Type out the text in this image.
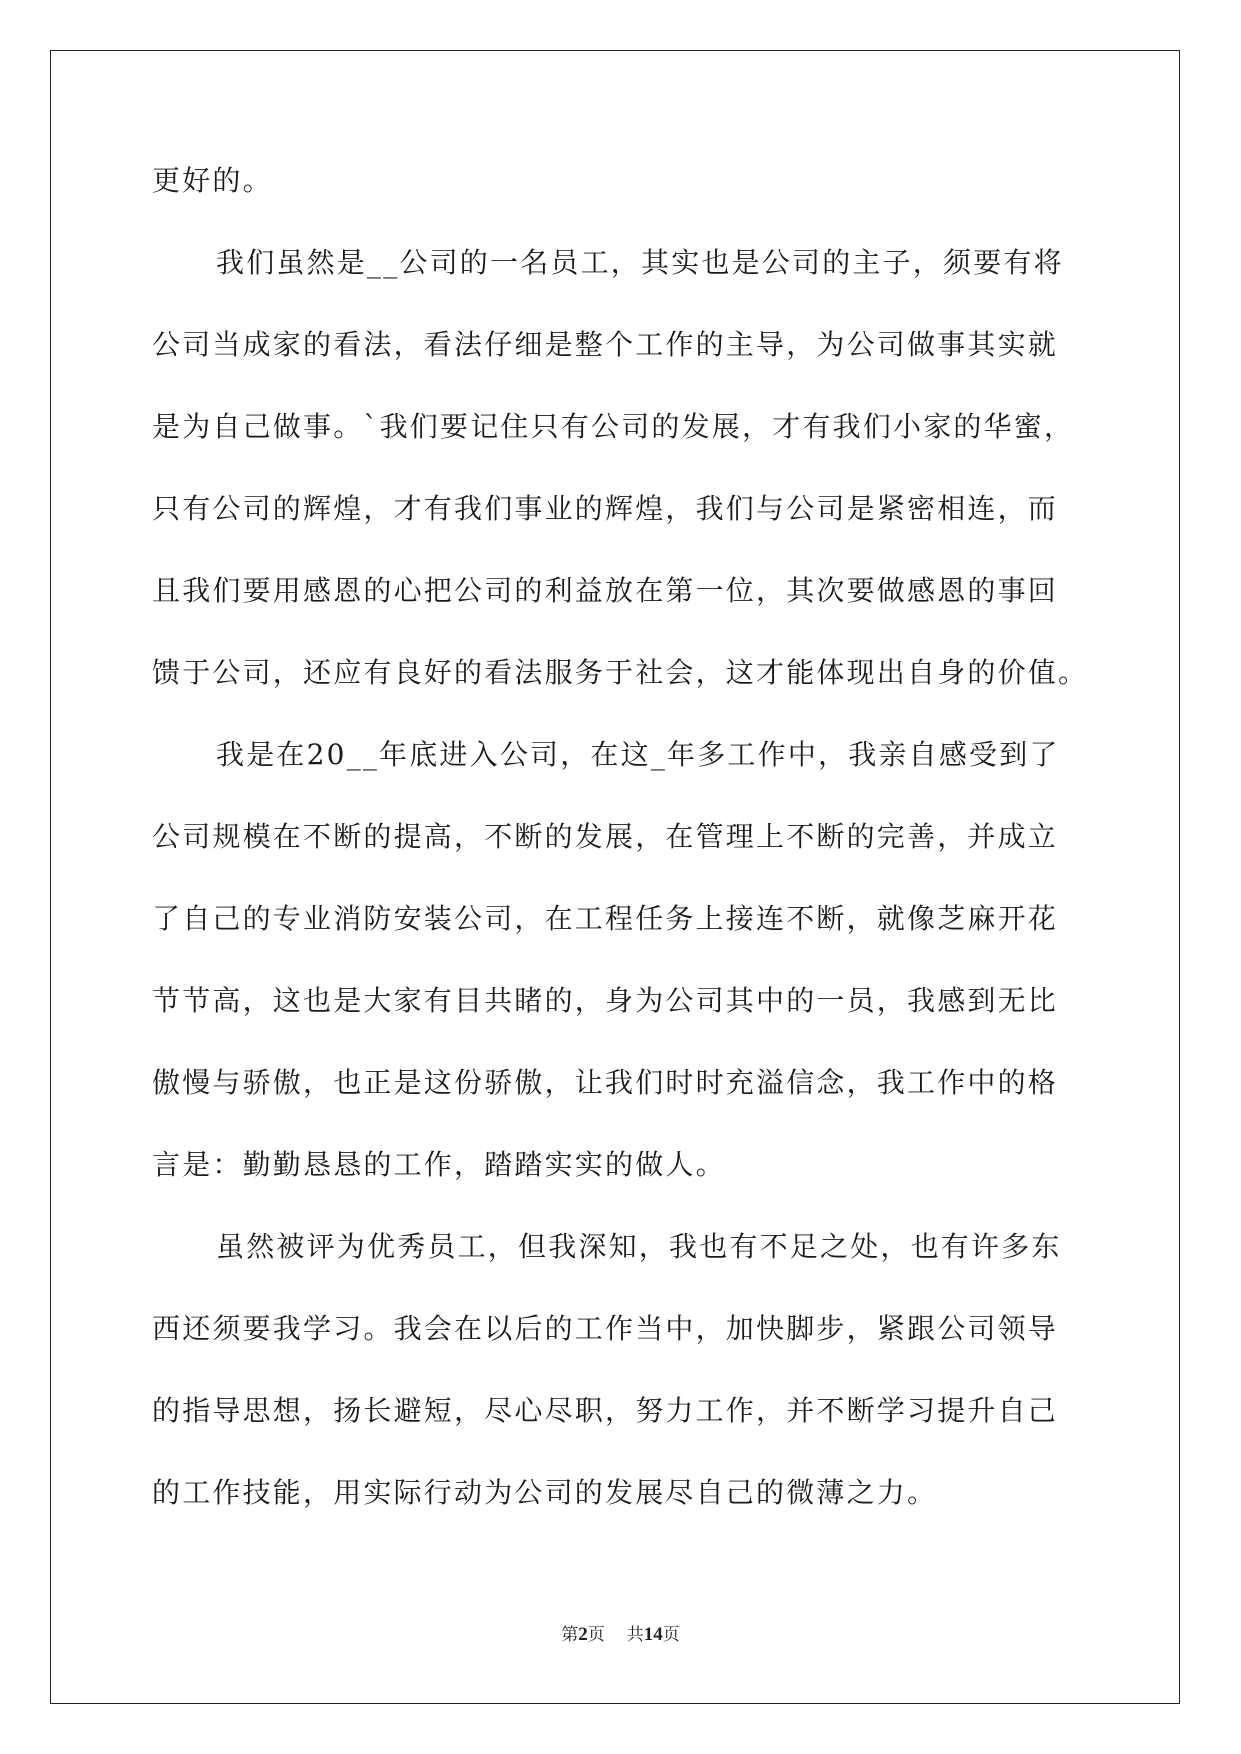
更好的。
我们虽然是__公司的一名员工，其实也是公司的主子，须要有将
公司当成家的看法，看法仔细是整个工作的主导，为公司做事其实就
是为自己做事。`我们要记住只有公司的发展，才有我们小家的华蜜，
只有公司的辉煌，才有我们事业的辉煌，我们与公司是紧密相连，而
且我们要用感恩的心把公司的利益放在第一位，其次要做感恩的事回
馈于公司，还应有良好的看法服务于社会，这才能体现出自身的价值。
我是在20__年底进入公司，在这_年多工作中，我亲自感受到了
公司规模在不断的提高，不断的发展，在管理上不断的完善，并成立
了自己的专业消防安装公司，在工程任务上接连不断，就像芝麻开花
节节高，这也是大家有目共睹的，身为公司其中的一员，我感到无比
傲慢与骄傲，也正是这份骄傲，让我们时时充溢信念，我工作中的格
言是：勤勤恳恳的工作，踏踏实实的做人。
虽然被评为优秀员工，但我深知，我也有不足之处，也有许多东
西还须要我学习。我会在以后的工作当中，加快脚步，紧跟公司领导
的指导思想，扬长避短，尽心尽职，努力工作，并不断学习提升自己
的工作技能，用实际行动为公司的发展尽自己的微薄之力。
第2页 共14页
